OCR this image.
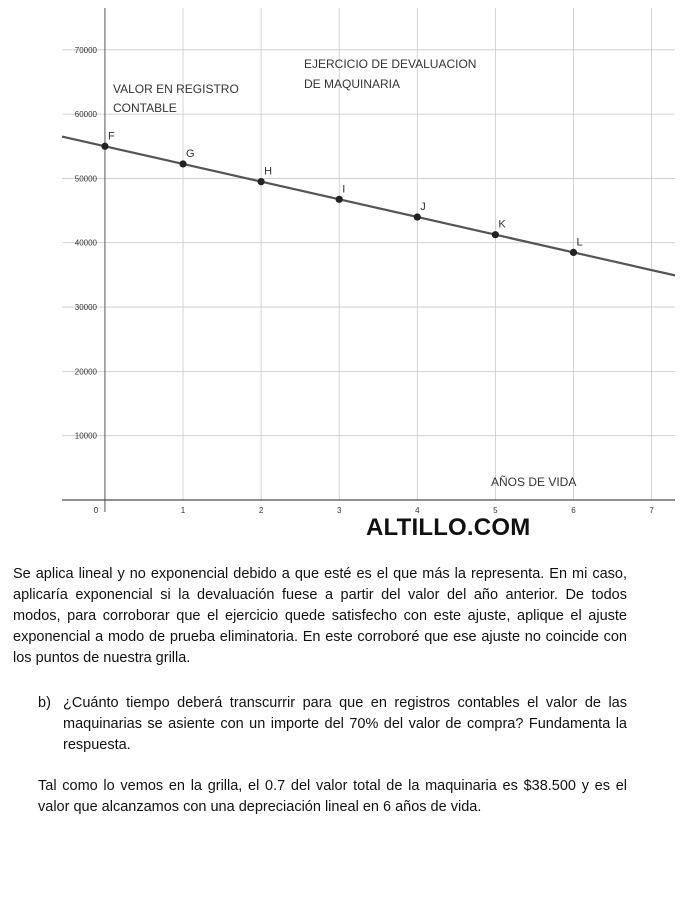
0	1	2	3	4	5	6	7
10000
20000
30000
40000
50000
60000
70000
F
G
H
I
J
K
L
EJERCICIO DE DEVALUACION
DE MAQUINARIA
VALOR EN REGISTRO
CONTABLE
AÑOS DE VIDA
ALTILLO.COM
Se aplica lineal y no exponencial debido a que esté es el que más la representa. En mi caso, aplicaría exponencial si la devaluación fuese a partir del valor del año anterior. De todos modos, para corroborar que el ejercicio quede satisfecho con este ajuste, aplique el ajuste exponencial a modo de prueba eliminatoria. En este corroboré que ese ajuste no coincide con los puntos de nuestra grilla.
b) ¿Cuánto tiempo deberá transcurrir para que en registros contables el valor de las maquinarias se asiente con un importe del 70% del valor de compra? Fundamenta la respuesta.
Tal como lo vemos en la grilla, el 0.7 del valor total de la maquinaria es $38.500 y es el valor que alcanzamos con una depreciación lineal en 6 años de vida.
